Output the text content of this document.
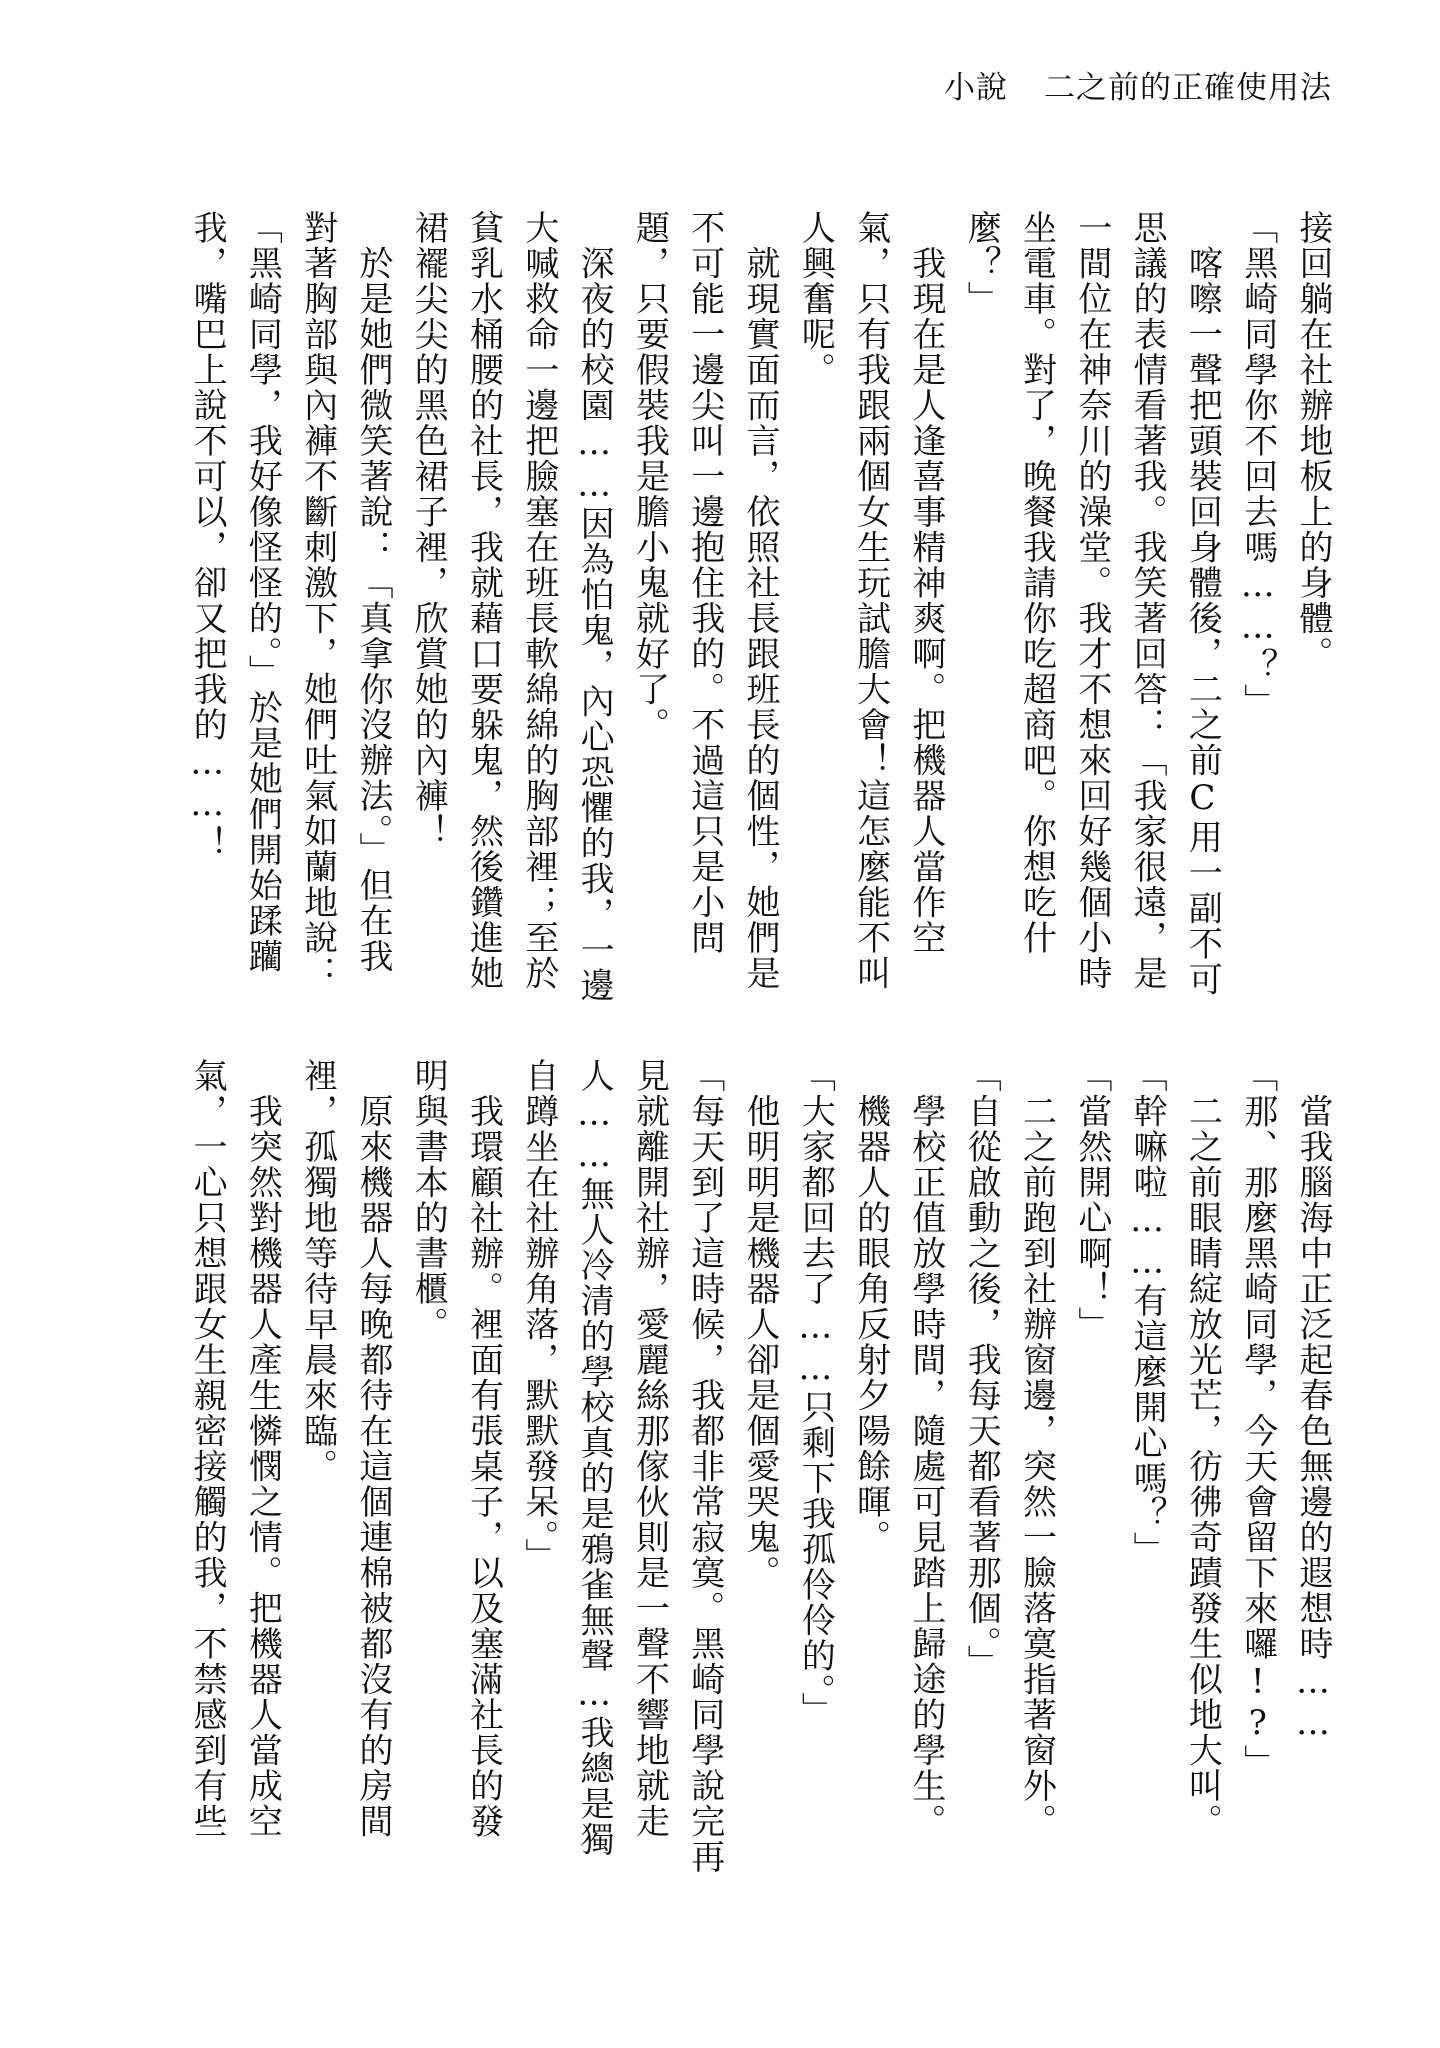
小說 二之前的正確使用法
接回躺在社辦地板上的身體。
「黑崎同學你不回去嗎……？」
　喀嚓一聲把頭裝回身體後，二之前C用一副不可
思議的表情看著我。我笑著回答：「我家很遠，是
一間位在神奈川的澡堂。我才不想來回好幾個小時
坐電車。對了，晚餐我請你吃超商吧。你想吃什
麼？」
　我現在是人逢喜事精神爽啊。把機器人當作空
氣，只有我跟兩個女生玩試膽大會！這怎麼能不叫
人興奮呢。
　就現實面而言，依照社長跟班長的個性，她們是
不可能一邊尖叫一邊抱住我的。不過這只是小問
題，只要假裝我是膽小鬼就好了。
　深夜的校園……因為怕鬼，內心恐懼的我，一邊
大喊救命一邊把臉塞在班長軟綿綿的胸部裡；至於
貧乳水桶腰的社長，我就藉口要躲鬼，然後鑽進她
裙襬尖尖的黑色裙子裡，欣賞她的內褲！
　於是她們微笑著說：「真拿你沒辦法。」但在我
對著胸部與內褲不斷刺激下，她們吐氣如蘭地說：
「黑崎同學，我好像怪怪的。」於是她們開始蹂躪
我，嘴巴上說不可以，卻又把我的……！
　當我腦海中正泛起春色無邊的遐想時……
「那、那麼黑崎同學，今天會留下來囉!?」
　二之前眼睛綻放光芒，彷彿奇蹟發生似地大叫。
「幹嘛啦……有這麼開心嗎？」
「當然開心啊！」
　二之前跑到社辦窗邊，突然一臉落寞指著窗外。
「自從啟動之後，我每天都看著那個。」
　學校正值放學時間，隨處可見踏上歸途的學生。
　機器人的眼角反射夕陽餘暉。
「大家都回去了……只剩下我孤伶伶的。」
　他明明是機器人卻是個愛哭鬼。
「每天到了這時候，我都非常寂寞。黑崎同學說完再
見就離開社辦，愛麗絲那傢伙則是一聲不響地就走
人……無人冷清的學校真的是鴉雀無聲…我總是獨
自蹲坐在社辦角落，默默發呆。」
　我環顧社辦。裡面有張桌子，以及塞滿社長的發
明與書本的書櫃。
　原來機器人每晚都待在這個連棉被都沒有的房間
裡，孤獨地等待早晨來臨。
　我突然對機器人產生憐憫之情。把機器人當成空
氣，一心只想跟女生親密接觸的我，不禁感到有些
